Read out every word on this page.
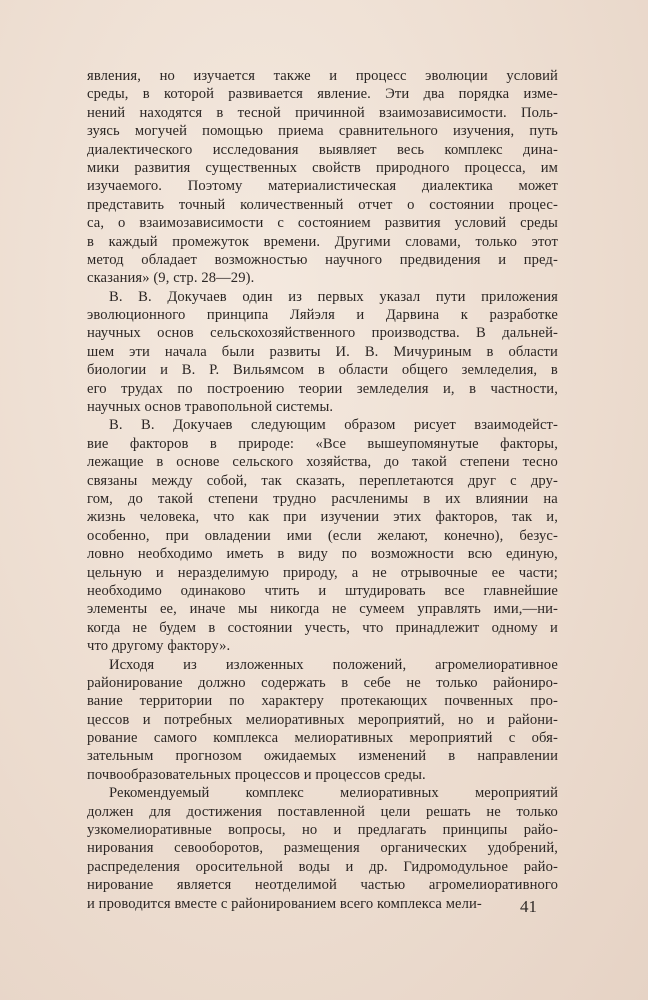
явления, но изучается также и процесс эволюции условий
среды, в которой развивается явление. Эти два порядка изме-
нений находятся в тесной причинной взаимозависимости. Поль-
зуясь могучей помощью приема сравнительного изучения, путь
диалектического исследования выявляет весь комплекс дина-
мики развития существенных свойств природного процесса, им
изучаемого. Поэтому материалистическая диалектика может
представить точный количественный отчет о состоянии процес-
са, о взаимозависимости с состоянием развития условий среды
в каждый промежуток времени. Другими словами, только этот
метод обладает возможностью научного предвидения и пред-
сказания» (9, стр. 28—29).
В. В. Докучаев один из первых указал пути приложения
эволюционного принципа Ляйэля и Дарвина к разработке
научных основ сельскохозяйственного производства. В дальней-
шем эти начала были развиты И. В. Мичуриным в области
биологии и В. Р. Вильямсом в области общего земледелия, в
его трудах по построению теории земледелия и, в частности,
научных основ травопольной системы.
В. В. Докучаев следующим образом рисует взаимодейст-
вие факторов в природе: «Все вышеупомянутые факторы,
лежащие в основе сельского хозяйства, до такой степени тесно
связаны между собой, так сказать, переплетаются друг с дру-
гом, до такой степени трудно расчленимы в их влиянии на
жизнь человека, что как при изучении этих факторов, так и,
особенно, при овладении ими (если желают, конечно), безус-
ловно необходимо иметь в виду по возможности всю единую,
цельную и неразделимую природу, а не отрывочные ее части;
необходимо одинаково чтить и штудировать все главнейшие
элементы ее, иначе мы никогда не сумеем управлять ими,—ни-
когда не будем в состоянии учесть, что принадлежит одному и
что другому фактору».
Исходя из изложенных положений, агромелиоративное
районирование должно содержать в себе не только райониро-
вание территории по характеру протекающих почвенных про-
цессов и потребных мелиоративных мероприятий, но и райони-
рование самого комплекса мелиоративных мероприятий с обя-
зательным прогнозом ожидаемых изменений в направлении
почвообразовательных процессов и процессов среды.
Рекомендуемый комплекс мелиоративных мероприятий
должен для достижения поставленной цели решать не только
узкомелиоративные вопросы, но и предлагать принципы райо-
нирования севооборотов, размещения органических удобрений,
распределения оросительной воды и др. Гидромодульное райо-
нирование является неотделимой частью агромелиоративного
и проводится вместе с районированием всего комплекса мели-	41
